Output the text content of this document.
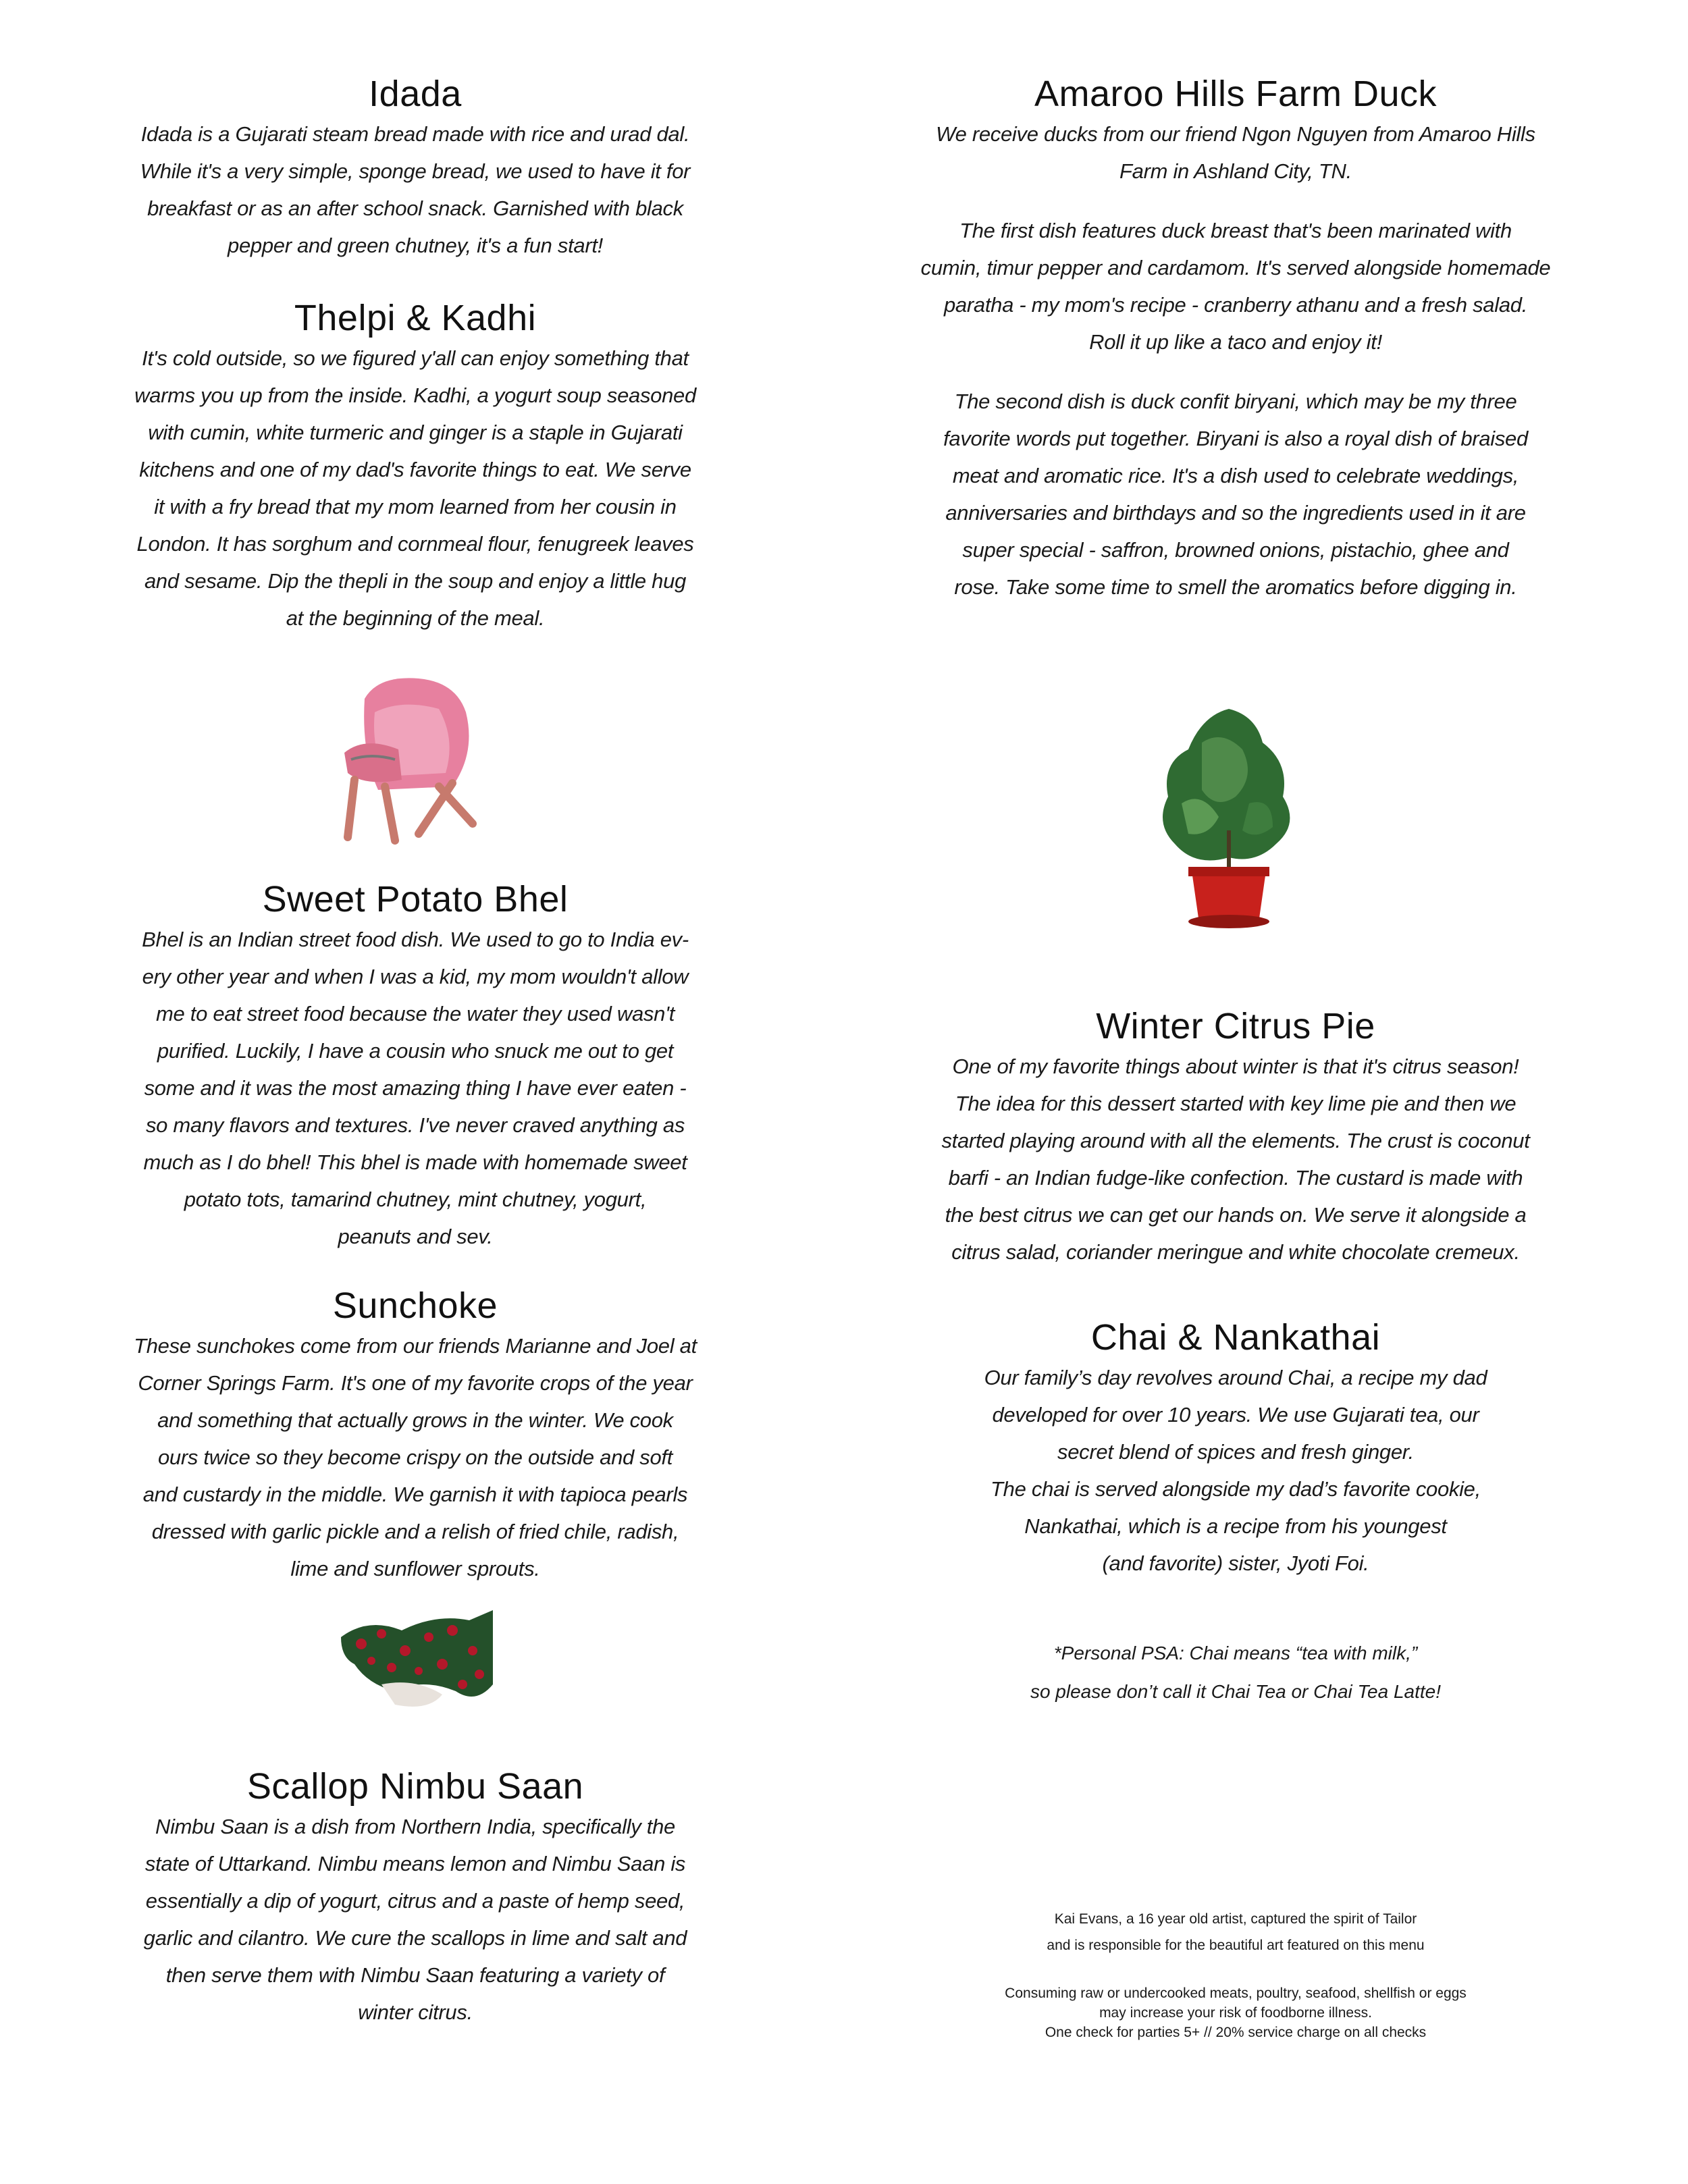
Idada
Idada is a Gujarati steam bread made with rice and urad dal.
While it's a very simple, sponge bread, we used to have it for
breakfast or as an after school snack. Garnished with black
pepper and green chutney, it's a fun start!
Thelpi & Kadhi
It's cold outside, so we figured y'all can enjoy something that
warms you up from the inside. Kadhi, a yogurt soup seasoned
with cumin, white turmeric and ginger is a staple in Gujarati
kitchens and one of my dad's favorite things to eat. We serve
it with a fry bread that my mom learned from her cousin in
London. It has sorghum and cornmeal flour, fenugreek leaves
and sesame. Dip the thepli in the soup and enjoy a little hug
at the beginning of the meal.
Sweet Potato Bhel
Bhel is an Indian street food dish. We used to go to India ev-
ery other year and when I was a kid, my mom wouldn't allow
me to eat street food because the water they used wasn't
purified. Luckily, I have a cousin who snuck me out to get
some and it was the most amazing thing I have ever eaten -
so many flavors and textures. I've never craved anything as
much as I do bhel! This bhel is made with homemade sweet
potato tots, tamarind chutney, mint chutney, yogurt,
peanuts and sev.
Sunchoke
These sunchokes come from our friends Marianne and Joel at
Corner Springs Farm. It's one of my favorite crops of the year
and something that actually grows in the winter. We cook
ours twice so they become crispy on the outside and soft
and custardy in the middle. We garnish it with tapioca pearls
dressed with garlic pickle and a relish of fried chile, radish,
lime and sunflower sprouts.
Scallop Nimbu Saan
Nimbu Saan is a dish from Northern India, specifically the
state of Uttarkand. Nimbu means lemon and Nimbu Saan is
essentially a dip of yogurt, citrus and a paste of hemp seed,
garlic and cilantro. We cure the scallops in lime and salt and
then serve them with Nimbu Saan featuring a variety of
winter citrus.
Amaroo Hills Farm Duck
We receive ducks from our friend Ngon Nguyen from Amaroo Hills
Farm in Ashland City, TN.
The first dish features duck breast that's been marinated with
cumin, timur pepper and cardamom. It's served alongside homemade
paratha - my mom's recipe - cranberry athanu and a fresh salad.
Roll it up like a taco and enjoy it!
The second dish is duck confit biryani, which may be my three
favorite words put together. Biryani is also a royal dish of braised
meat and aromatic rice. It's a dish used to celebrate weddings,
anniversaries and birthdays and so the ingredients used in it are
super special - saffron, browned onions, pistachio, ghee and
rose. Take some time to smell the aromatics before digging in.
Winter Citrus Pie
One of my favorite things about winter is that it's citrus season!
The idea for this dessert started with key lime pie and then we
started playing around with all the elements. The crust is coconut
barfi - an Indian fudge-like confection. The custard is made with
the best citrus we can get our hands on. We serve it alongside a
citrus salad, coriander meringue and white chocolate cremeux.
Chai & Nankathai
Our family’s day revolves around Chai, a recipe my dad
developed for over 10 years. We use Gujarati tea, our
secret blend of spices and fresh ginger.
The chai is served alongside my dad’s favorite cookie,
Nankathai, which is a recipe from his youngest
(and favorite) sister, Jyoti Foi.
*Personal PSA: Chai means “tea with milk,”
so please don’t call it Chai Tea or Chai Tea Latte!
Kai Evans, a 16 year old artist, captured the spirit of Tailor
and is responsible for the beautiful art featured on this menu
Consuming raw or undercooked meats, poultry, seafood, shellfish or eggs
may increase your risk of foodborne illness.
One check for parties 5+ // 20% service charge on all checks
